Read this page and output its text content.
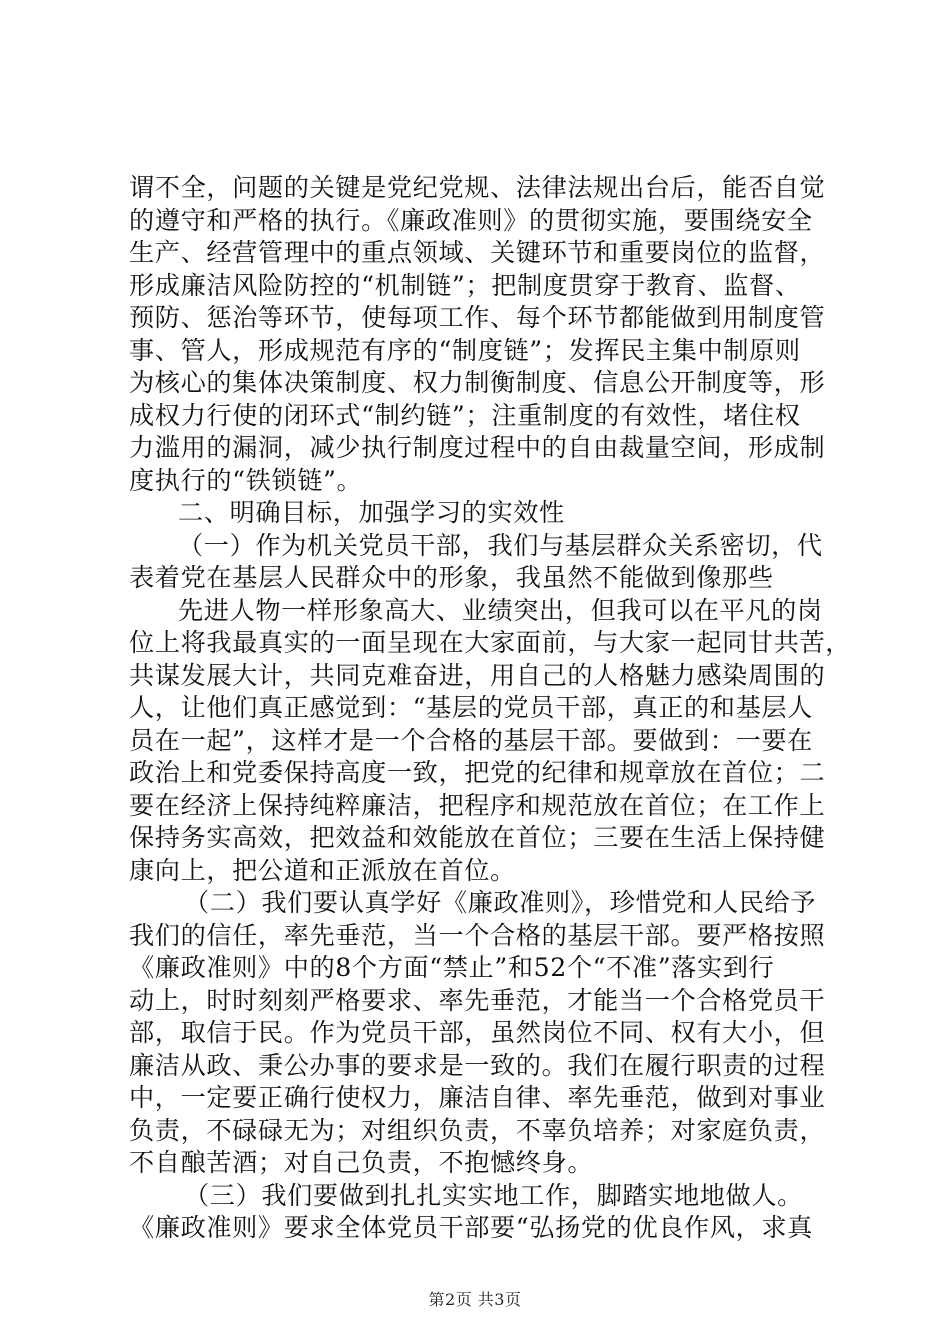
谓不全，问题的关键是党纪党规、法律法规出台后，能否自觉
的遵守和严格的执行。《廉政准则》的贯彻实施，要围绕安全
生产、经营管理中的重点领域、关键环节和重要岗位的监督，
形成廉洁风险防控的“机制链”；把制度贯穿于教育、监督、
预防、惩治等环节，使每项工作、每个环节都能做到用制度管
事、管人，形成规范有序的“制度链”；发挥民主集中制原则
为核心的集体决策制度、权力制衡制度、信息公开制度等，形
成权力行使的闭环式“制约链”；注重制度的有效性，堵住权
力滥用的漏洞，减少执行制度过程中的自由裁量空间，形成制
度执行的“铁锁链”。
二、明确目标，加强学习的实效性
（一）作为机关党员干部，我们与基层群众关系密切，代
表着党在基层人民群众中的形象，我虽然不能做到像那些
先进人物一样形象高大、业绩突出，但我可以在平凡的岗
位上将我最真实的一面呈现在大家面前，与大家一起同甘共苦，
共谋发展大计，共同克难奋进，用自己的人格魅力感染周围的
人，让他们真正感觉到：“基层的党员干部，真正的和基层人
员在一起”，这样才是一个合格的基层干部。要做到：一要在
政治上和党委保持高度一致，把党的纪律和规章放在首位；二
要在经济上保持纯粹廉洁，把程序和规范放在首位；在工作上
保持务实高效，把效益和效能放在首位；三要在生活上保持健
康向上，把公道和正派放在首位。
（二）我们要认真学好《廉政准则》，珍惜党和人民给予
我们的信任，率先垂范，当一个合格的基层干部。要严格按照
《廉政准则》中的8个方面“禁止”和52个“不准”落实到行
动上，时时刻刻严格要求、率先垂范，才能当一个合格党员干
部，取信于民。作为党员干部，虽然岗位不同、权有大小，但
廉洁从政、秉公办事的要求是一致的。我们在履行职责的过程
中，一定要正确行使权力，廉洁自律、率先垂范，做到对事业
负责，不碌碌无为；对组织负责，不辜负培养；对家庭负责，
不自酿苦酒；对自己负责，不抱憾终身。
（三）我们要做到扎扎实实地工作，脚踏实地地做人。
《廉政准则》要求全体党员干部要“弘扬党的优良作风，求真
第2页 共3页
